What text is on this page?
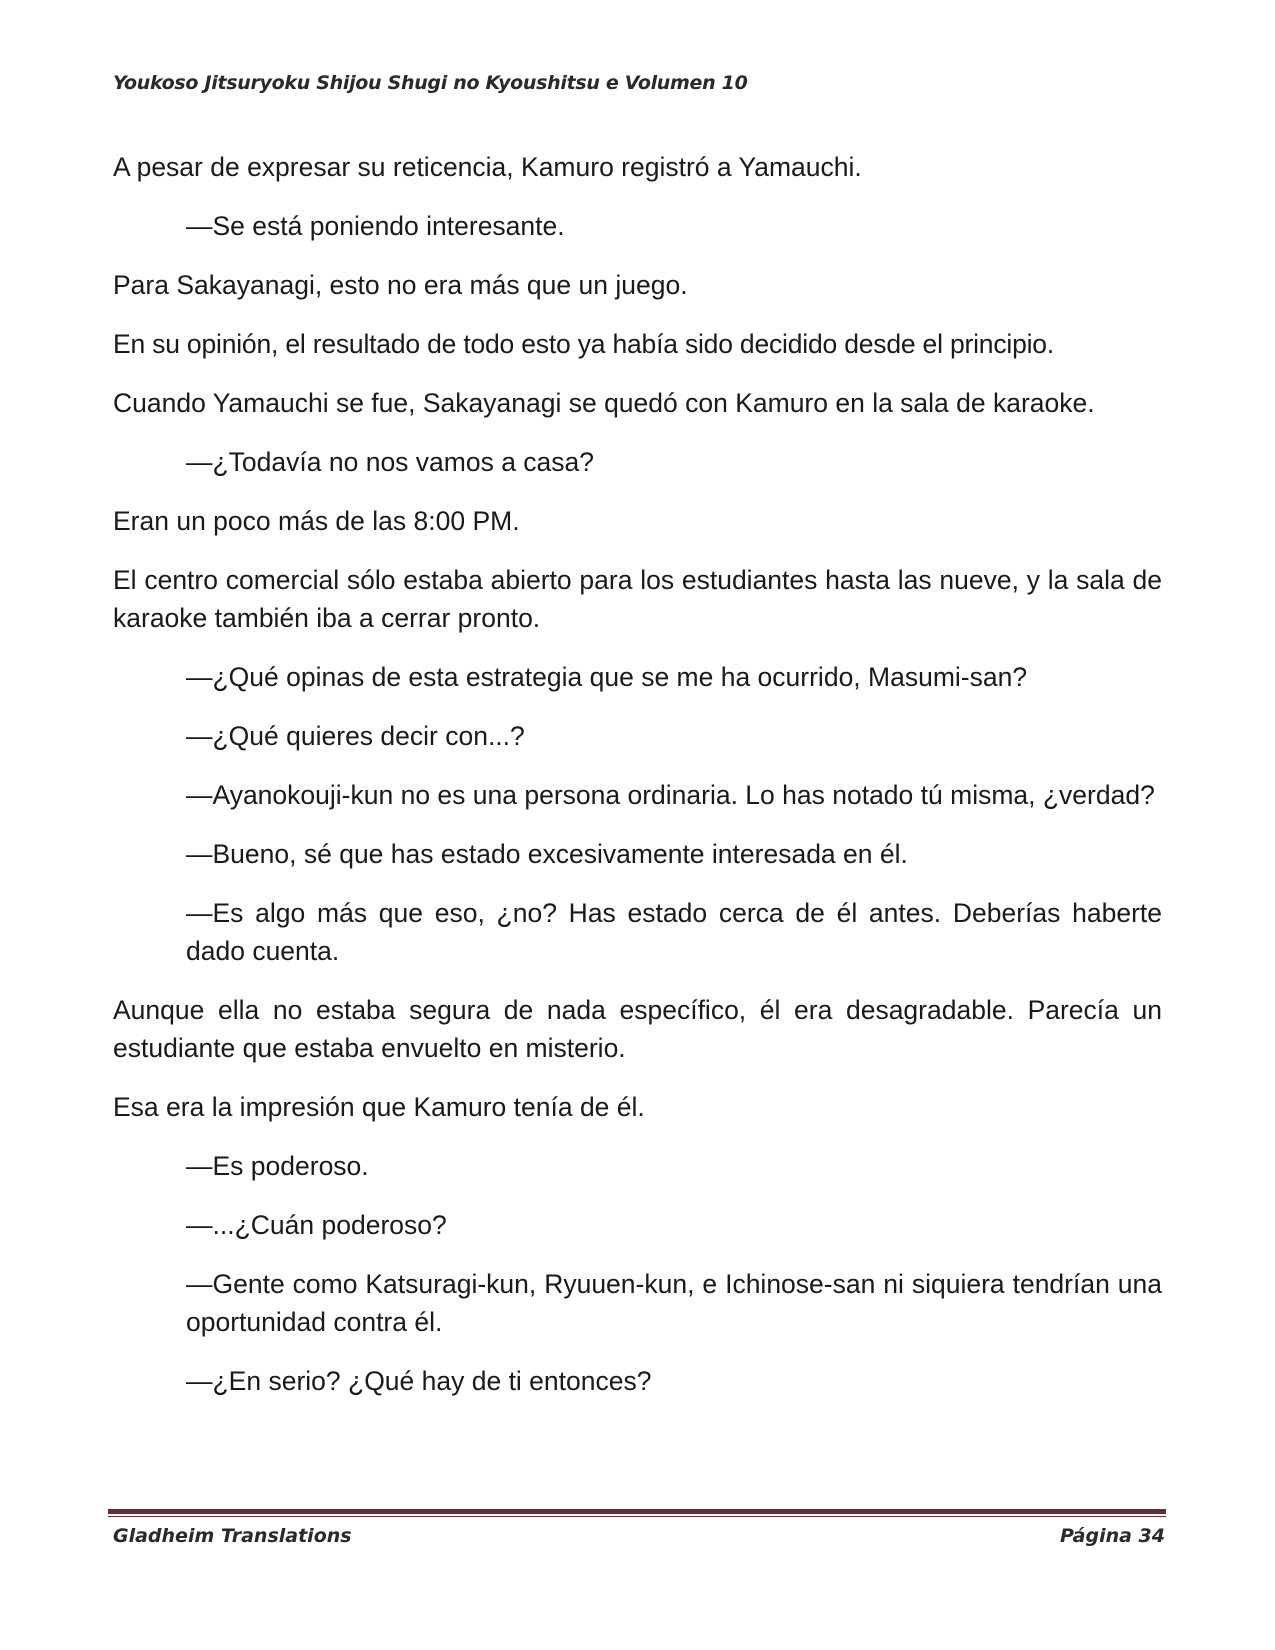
Youkoso Jitsuryoku Shijou Shugi no Kyoushitsu e Volumen 10

A pesar de expresar su reticencia, Kamuro registró a Yamauchi.

—Se está poniendo interesante.

Para Sakayanagi, esto no era más que un juego.

En su opinión, el resultado de todo esto ya había sido decidido desde el principio.

Cuando Yamauchi se fue, Sakayanagi se quedó con Kamuro en la sala de karaoke.

—¿Todavía no nos vamos a casa?

Eran un poco más de las 8:00 PM.

El centro comercial sólo estaba abierto para los estudiantes hasta las nueve, y la sala de karaoke también iba a cerrar pronto.

—¿Qué opinas de esta estrategia que se me ha ocurrido, Masumi-san?

—¿Qué quieres decir con...?

—Ayanokouji-kun no es una persona ordinaria. Lo has notado tú misma, ¿verdad?

—Bueno, sé que has estado excesivamente interesada en él.

—Es algo más que eso, ¿no? Has estado cerca de él antes. Deberías haberte dado cuenta.

Aunque ella no estaba segura de nada específico, él era desagradable. Parecía un estudiante que estaba envuelto en misterio.

Esa era la impresión que Kamuro tenía de él.

—Es poderoso.

—...¿Cuán poderoso?

—Gente como Katsuragi-kun, Ryuuen-kun, e Ichinose-san ni siquiera tendrían una oportunidad contra él.

—¿En serio? ¿Qué hay de ti entonces?

Gladheim Translations	Página 34
